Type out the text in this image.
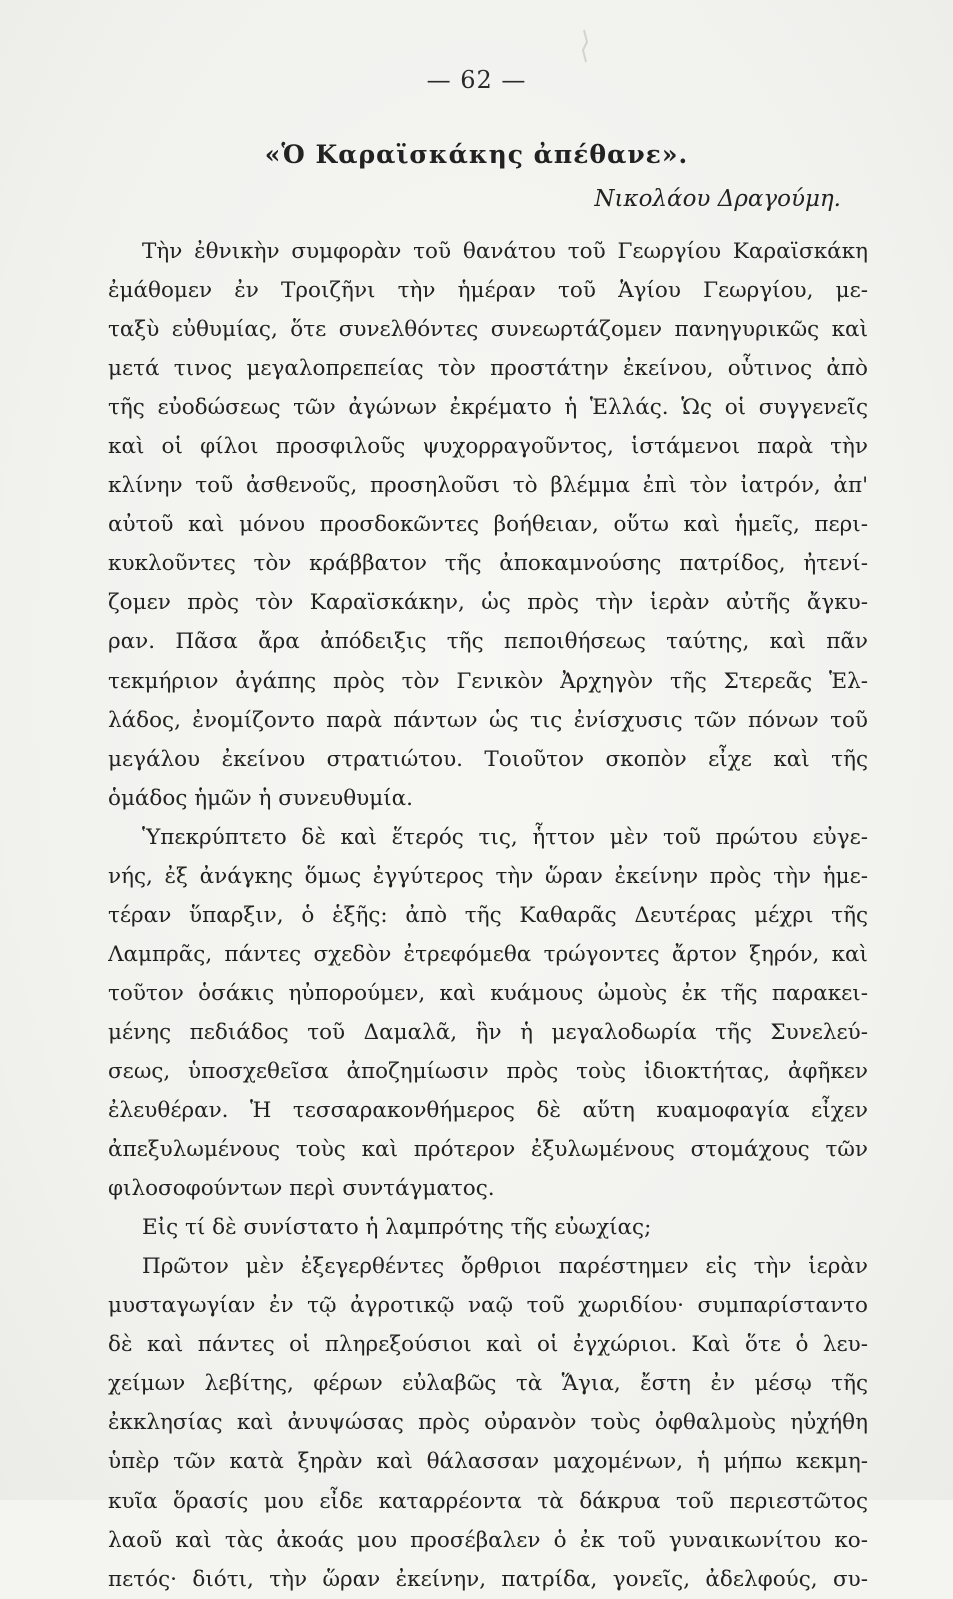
— 62 —
«Ὁ Καραϊσκάκης ἀπέθανε».
Νικολάου Δραγούμη.
Τὴν ἐθνικὴν συμφορὰν τοῦ θανάτου τοῦ Γεωργίου Καραϊσκάκη
ἐμάθομεν ἐν Τροιζῆνι τὴν ἡμέραν τοῦ Ἁγίου Γεωργίου, με-
ταξὺ εὐθυμίας, ὅτε συνελθόντες συνεωρτάζομεν πανηγυρικῶς καὶ
μετά τινος μεγαλοπρεπείας τὸν προστάτην ἐκείνου, οὗτινος ἀπὸ
τῆς εὐοδώσεως τῶν ἀγώνων ἐκρέματο ἡ Ἑλλάς. Ὡς οἱ συγγενεῖς
καὶ οἱ φίλοι προσφιλοῦς ψυχορραγοῦντος, ἱστάμενοι παρὰ τὴν
κλίνην τοῦ ἀσθενοῦς, προσηλοῦσι τὸ βλέμμα ἐπὶ τὸν ἰατρόν, ἀπ'
αὐτοῦ καὶ μόνου προσδοκῶντες βοήθειαν, οὕτω καὶ ἡμεῖς, περι-
κυκλοῦντες τὸν κράββατον τῆς ἀποκαμνούσης πατρίδος, ἠτενί-
ζομεν πρὸς τὸν Καραϊσκάκην, ὡς πρὸς τὴν ἱερὰν αὐτῆς ἄγκυ-
ραν. Πᾶσα ἄρα ἀπόδειξις τῆς πεποιθήσεως ταύτης, καὶ πᾶν
τεκμήριον ἀγάπης πρὸς τὸν Γενικὸν Ἀρχηγὸν τῆς Στερεᾶς Ἑλ-
λάδος, ἐνομίζοντο παρὰ πάντων ὡς τις ἐνίσχυσις τῶν πόνων τοῦ
μεγάλου ἐκείνου στρατιώτου. Τοιοῦτον σκοπὸν εἶχε καὶ τῆς
ὁμάδος ἡμῶν ἡ συνευθυμία.
Ὑπεκρύπτετο δὲ καὶ ἕτερός τις, ἧττον μὲν τοῦ πρώτου εὐγε-
νής, ἐξ ἀνάγκης ὅμως ἐγγύτερος τὴν ὥραν ἐκείνην πρὸς τὴν ἡμε-
τέραν ὕπαρξιν, ὁ ἑξῆς: ἀπὸ τῆς Καθαρᾶς Δευτέρας μέχρι τῆς
Λαμπρᾶς, πάντες σχεδὸν ἐτρεφόμεθα τρώγοντες ἄρτον ξηρόν, καὶ
τοῦτον ὁσάκις ηὐπορούμεν, καὶ κυάμους ὠμοὺς ἐκ τῆς παρακει-
μένης πεδιάδος τοῦ Δαμαλᾶ, ἣν ἡ μεγαλοδωρία τῆς Συνελεύ-
σεως, ὑποσχεθεῖσα ἀποζημίωσιν πρὸς τοὺς ἰδιοκτήτας, ἀφῆκεν
ἐλευθέραν. Ἡ τεσσαρακονθήμερος δὲ αὕτη κυαμοφαγία εἶχεν
ἀπεξυλωμένους τοὺς καὶ πρότερον ἐξυλωμένους στομάχους τῶν
φιλοσοφούντων περὶ συντάγματος.
Εἰς τί δὲ συνίστατο ἡ λαμπρότης τῆς εὐωχίας;
Πρῶτον μὲν ἐξεγερθέντες ὄρθριοι παρέστημεν εἰς τὴν ἱερὰν
μυσταγωγίαν ἐν τῷ ἀγροτικῷ ναῷ τοῦ χωριδίου· συμπαρίσταντο
δὲ καὶ πάντες οἱ πληρεξούσιοι καὶ οἱ ἐγχώριοι. Καὶ ὅτε ὁ λευ-
χείμων λεβίτης, φέρων εὐλαβῶς τὰ Ἅγια, ἔστη ἐν μέσῳ τῆς
ἐκκλησίας καὶ ἀνυψώσας πρὸς οὐρανὸν τοὺς ὀφθαλμοὺς ηὐχήθη
ὑπὲρ τῶν κατὰ ξηρὰν καὶ θάλασσαν μαχομένων, ἡ μήπω κεκμη-
κυῖα ὅρασίς μου εἶδε καταρρέοντα τὰ δάκρυα τοῦ περιεστῶτος
λαοῦ καὶ τὰς ἀκοάς μου προσέβαλεν ὁ ἐκ τοῦ γυναικωνίτου κο-
πετός· διότι, τὴν ὥραν ἐκείνην, πατρίδα, γονεῖς, ἀδελφούς, συ-
